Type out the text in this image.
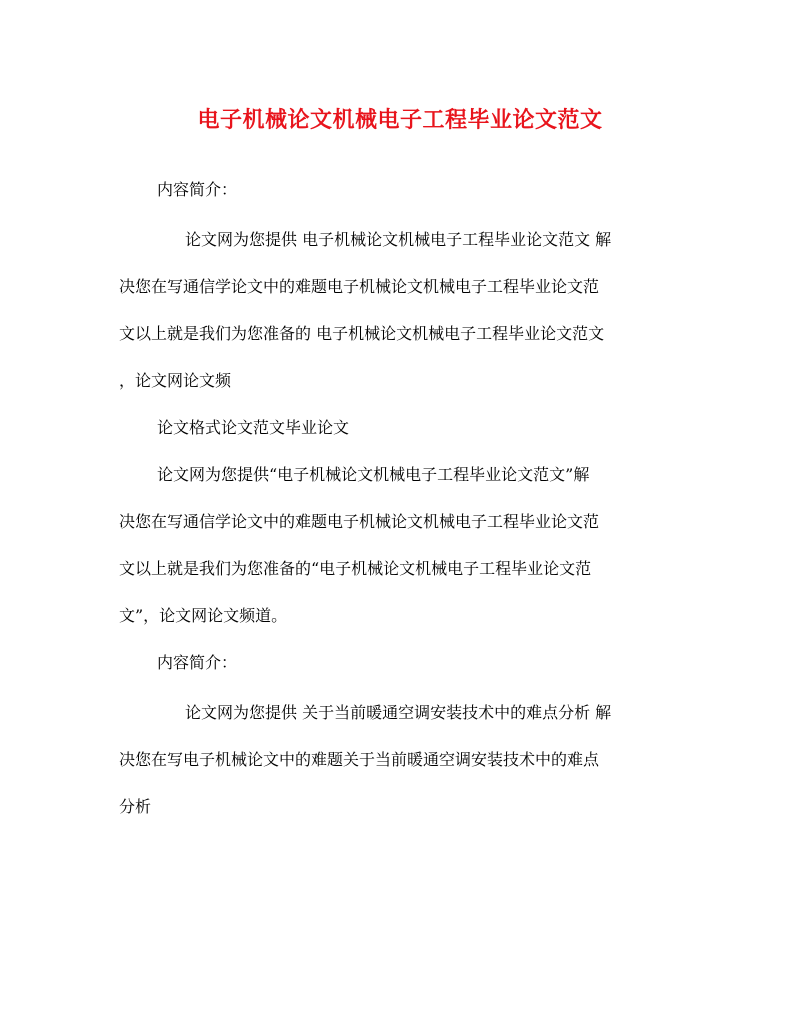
电子机械论文机械电子工程毕业论文范文
内容简介：
论文网为您提供 电子机械论文机械电子工程毕业论文范文 解
决您在写通信学论文中的难题电子机械论文机械电子工程毕业论文范
文以上就是我们为您准备的 电子机械论文机械电子工程毕业论文范文
，论文网论文频
论文格式论文范文毕业论文
论文网为您提供“电子机械论文机械电子工程毕业论文范文”解
决您在写通信学论文中的难题电子机械论文机械电子工程毕业论文范
文以上就是我们为您准备的“电子机械论文机械电子工程毕业论文范
文”，论文网论文频道。
内容简介：
论文网为您提供 关于当前暖通空调安装技术中的难点分析 解
决您在写电子机械论文中的难题关于当前暖通空调安装技术中的难点
分析
